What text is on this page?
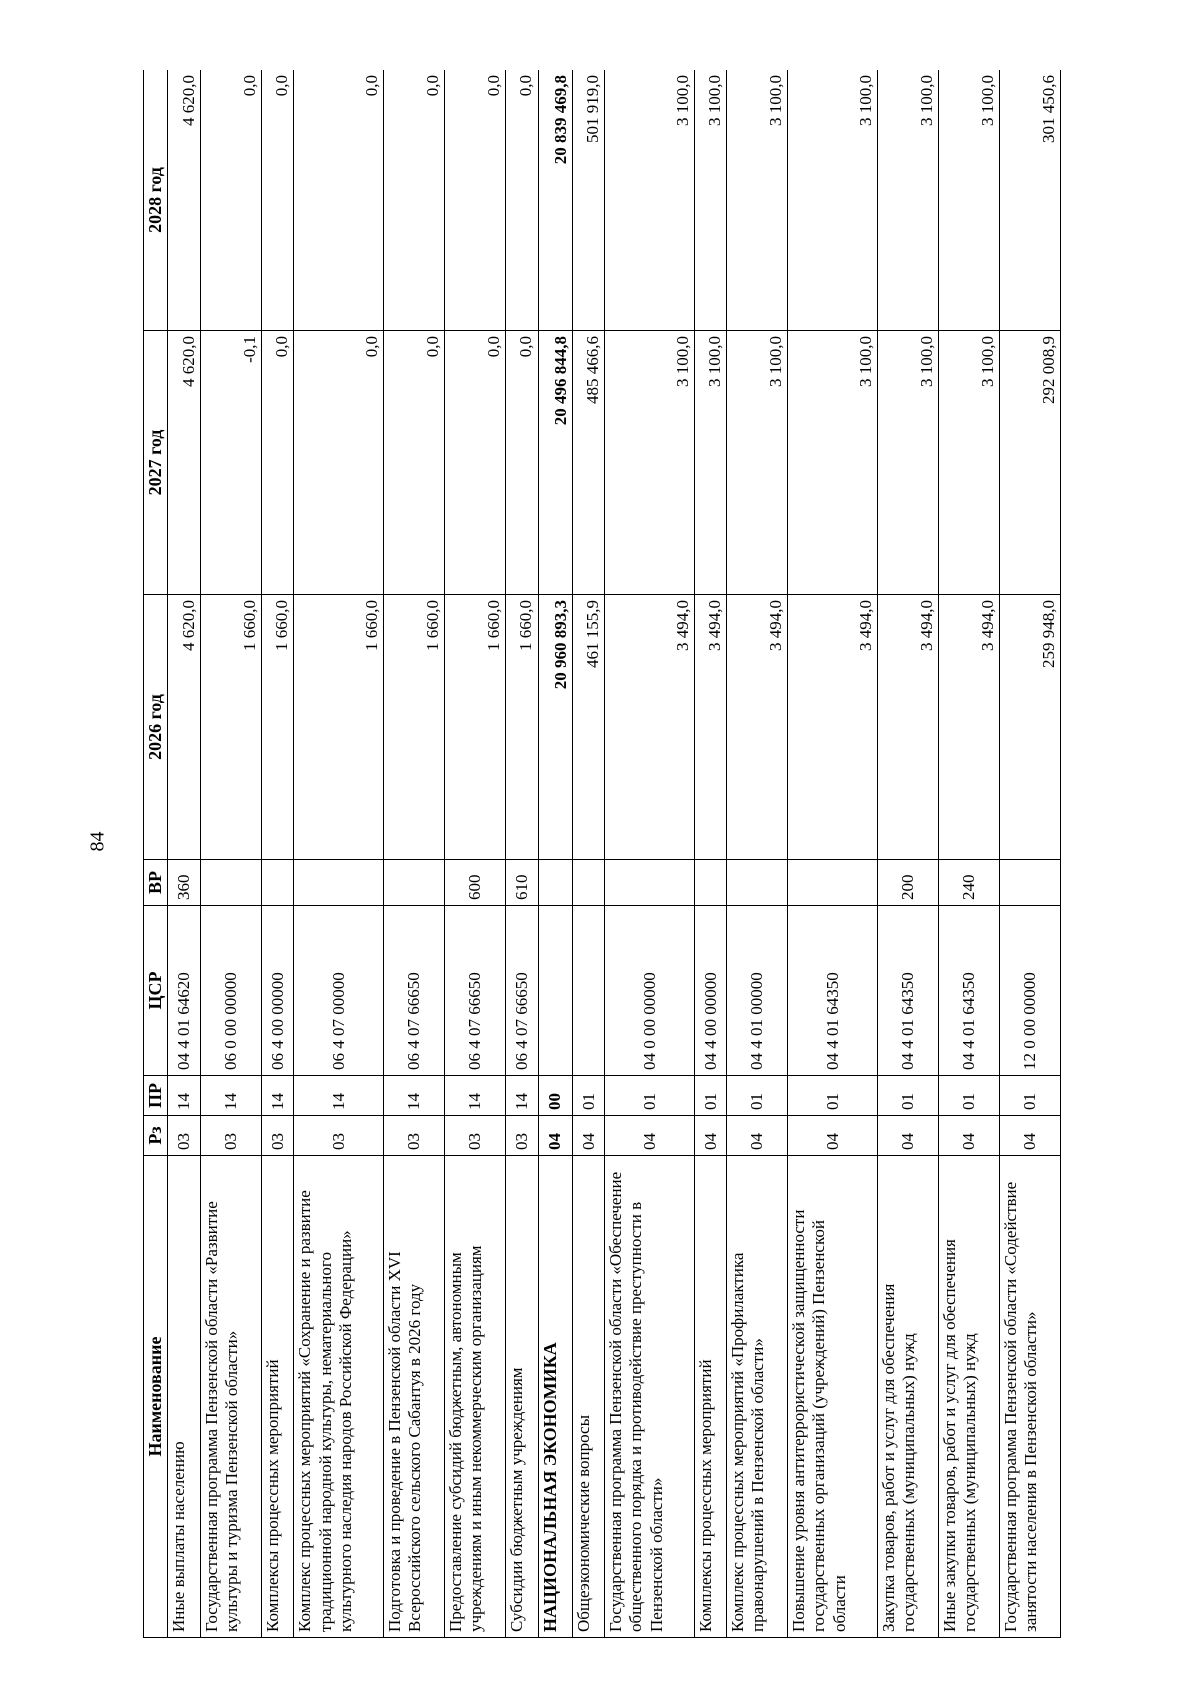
84
Наименование	Рз	ПР	ЦСР	ВР	2026 год	2027 год	2028 год
Иные выплаты населению	03	14	04 4 01 64620	360	4 620,0	4 620,0	4 620,0
Государственная программа Пензенской области «Развитие культуры и туризма Пензенской области»	03	14	06 0 00 00000		1 660,0	-0,1	0,0
Комплексы процессных мероприятий	03	14	06 4 00 00000		1 660,0	0,0	0,0
Комплекс процессных мероприятий «Сохранение и развитие традиционной народной культуры, нематериального культурного наследия народов Российской Федерации»	03	14	06 4 07 00000		1 660,0	0,0	0,0
Подготовка и проведение в Пензенской области XVI Всероссийского сельского Сабантуя в 2026 году	03	14	06 4 07 66650		1 660,0	0,0	0,0
Предоставление субсидий бюджетным, автономным учреждениям и иным некоммерческим организациям	03	14	06 4 07 66650	600	1 660,0	0,0	0,0
Субсидии бюджетным учреждениям	03	14	06 4 07 66650	610	1 660,0	0,0	0,0
НАЦИОНАЛЬНАЯ ЭКОНОМИКА	04	00			20 960 893,3	20 496 844,8	20 839 469,8
Общеэкономические вопросы	04	01			461 155,9	485 466,6	501 919,0
Государственная программа Пензенской области «Обеспечение общественного порядка и противодействие преступности в Пензенской области»	04	01	04 0 00 00000		3 494,0	3 100,0	3 100,0
Комплексы процессных мероприятий	04	01	04 4 00 00000		3 494,0	3 100,0	3 100,0
Комплекс процессных мероприятий «Профилактика правонарушений в Пензенской области»	04	01	04 4 01 00000		3 494,0	3 100,0	3 100,0
Повышение уровня антитеррористической защищенности государственных организаций (учреждений) Пензенской области	04	01	04 4 01 64350		3 494,0	3 100,0	3 100,0
Закупка товаров, работ и услуг для обеспечения государственных (муниципальных) нужд	04	01	04 4 01 64350	200	3 494,0	3 100,0	3 100,0
Иные закупки товаров, работ и услуг для обеспечения государственных (муниципальных) нужд	04	01	04 4 01 64350	240	3 494,0	3 100,0	3 100,0
Государственная программа Пензенской области «Содействие занятости населения в Пензенской области»	04	01	12 0 00 00000		259 948,0	292 008,9	301 450,6
